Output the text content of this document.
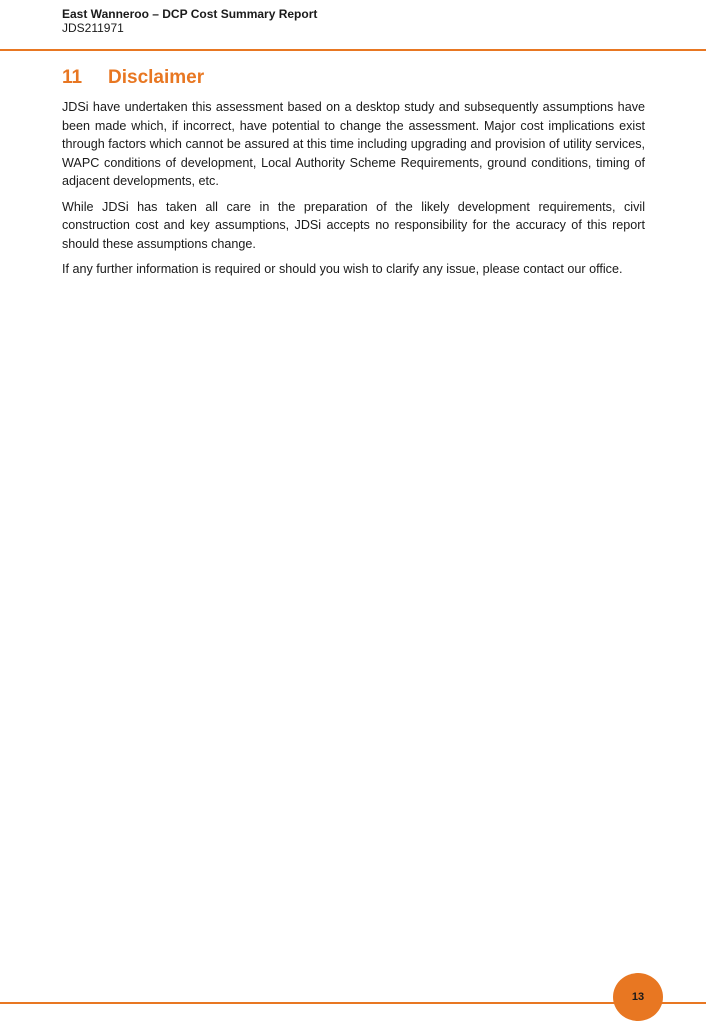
East Wanneroo – DCP Cost Summary Report
JDS211971
11	Disclaimer

JDSi have undertaken this assessment based on a desktop study and subsequently assumptions have been made which, if incorrect, have potential to change the assessment. Major cost implications exist through factors which cannot be assured at this time including upgrading and provision of utility services, WAPC conditions of development, Local Authority Scheme Requirements, ground conditions, timing of adjacent developments, etc.

While JDSi has taken all care in the preparation of the likely development requirements, civil construction cost and key assumptions, JDSi accepts no responsibility for the accuracy of this report should these assumptions change.

If any further information is required or should you wish to clarify any issue, please contact our office.

13
